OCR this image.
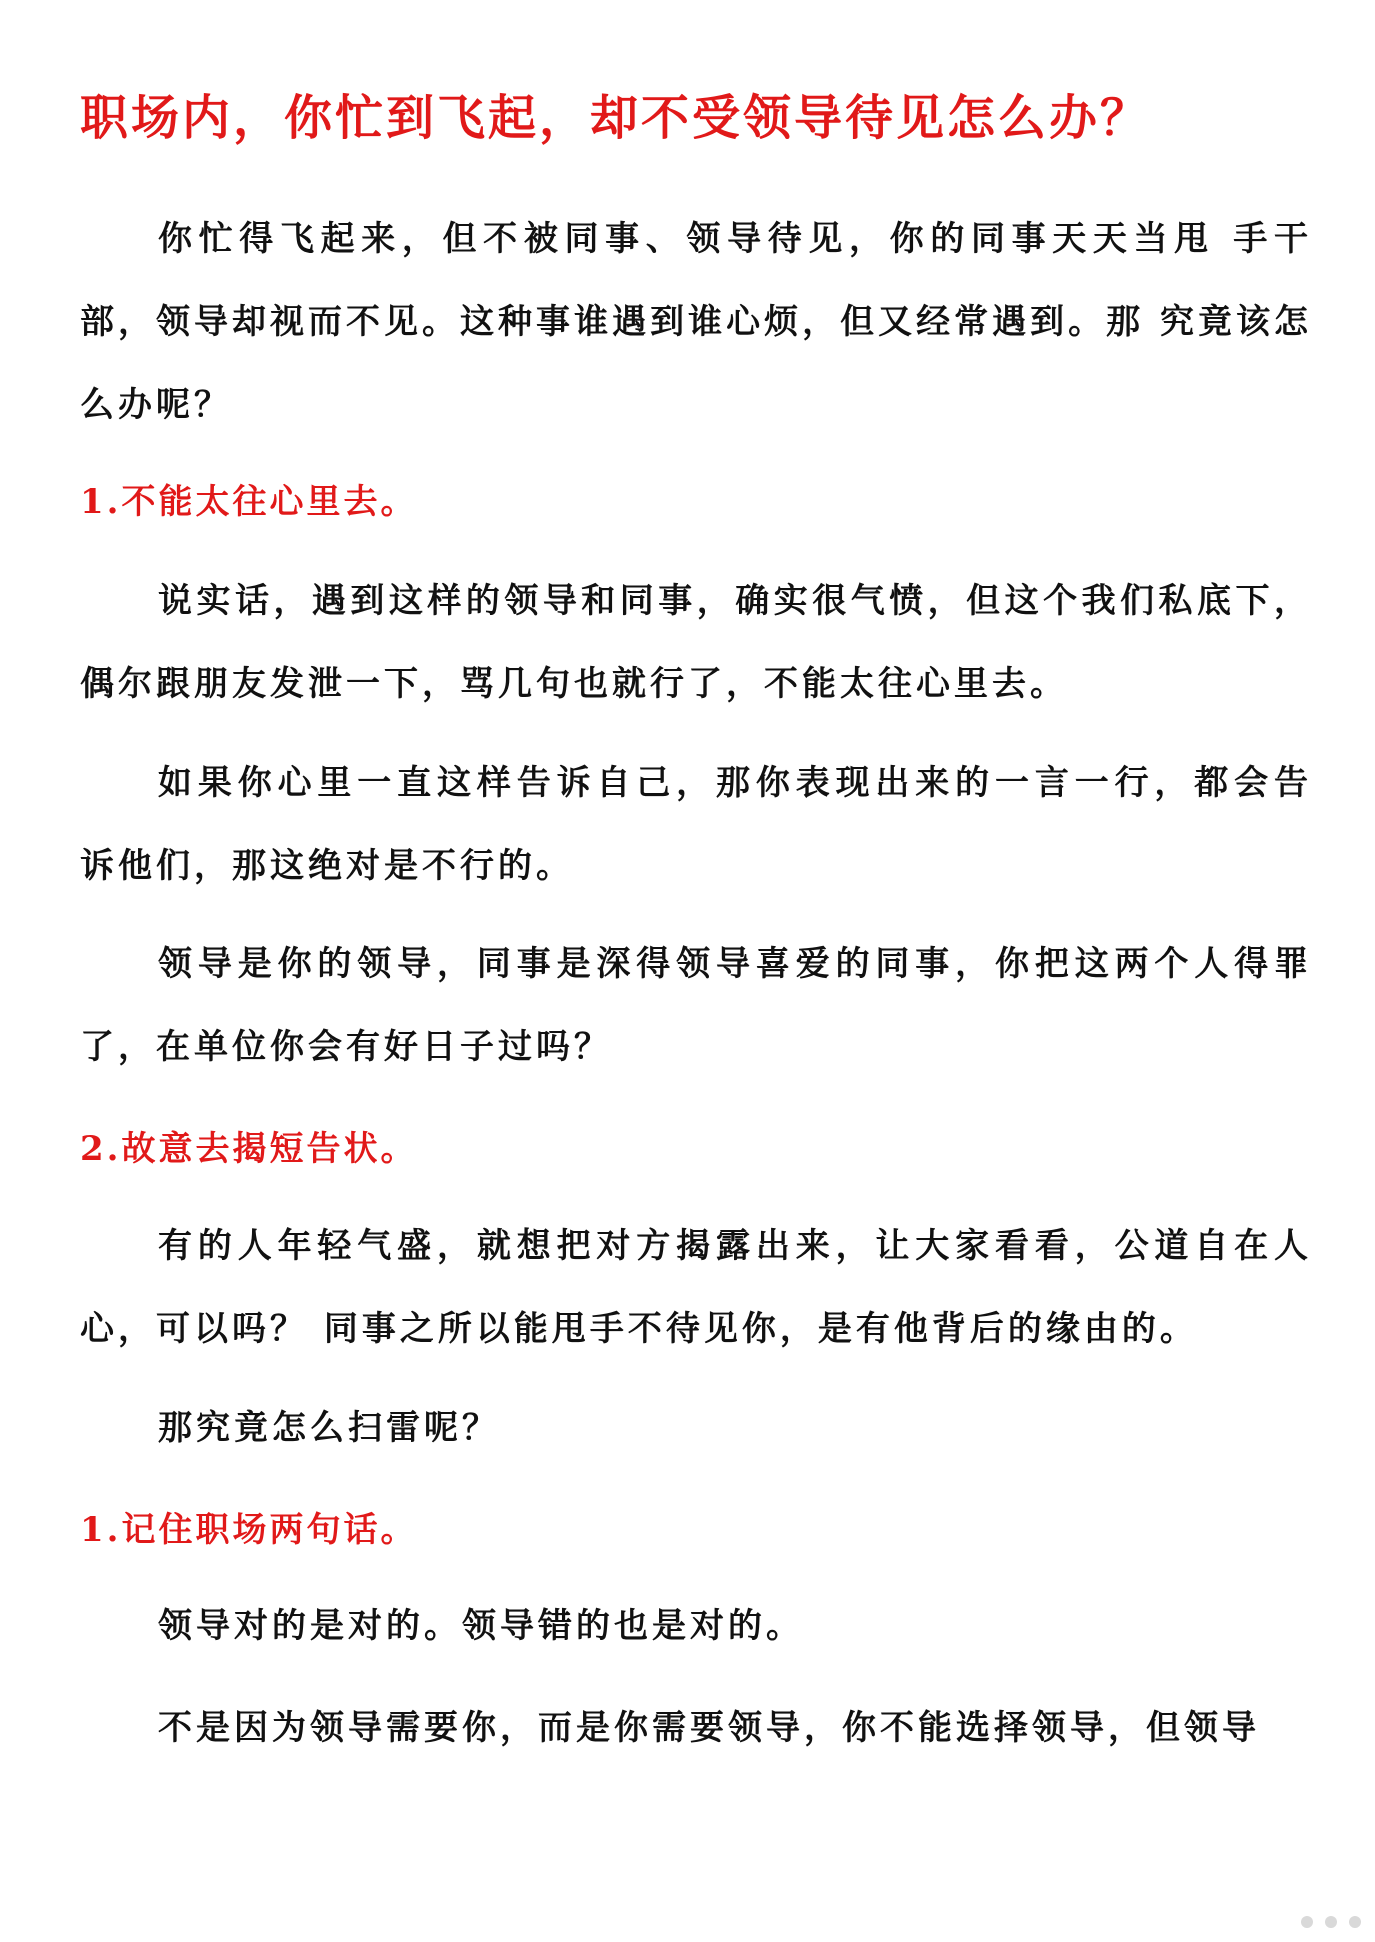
职场内，你忙到飞起，却不受领导待见怎么办？

你忙得飞起来，但不被同事、领导待见，你的同事天天当甩 手干部，领导却视而不见。这种事谁遇到谁心烦，但又经常遇到。那 究竟该怎么办呢？

1.不能太往心里去。

说实话，遇到这样的领导和同事，确实很气愤，但这个我们私底下，偶尔跟朋友发泄一下，骂几句也就行了，不能太往心里去。

如果你心里一直这样告诉自己，那你表现出来的一言一行，都会告 诉他们，那这绝对是不行的。

领导是你的领导，同事是深得领导喜爱的同事，你把这两个人得罪了，在单位你会有好日子过吗？

2.故意去揭短告状。

有的人年轻气盛，就想把对方揭露出来，让大家看看，公道自在人心，可以吗？ 同事之所以能甩手不待见你，是有他背后的缘由的。

那究竟怎么扫雷呢？

1.记住职场两句话。

领导对的是对的。领导错的也是对的。

不是因为领导需要你，而是你需要领导，你不能选择领导，但领导
